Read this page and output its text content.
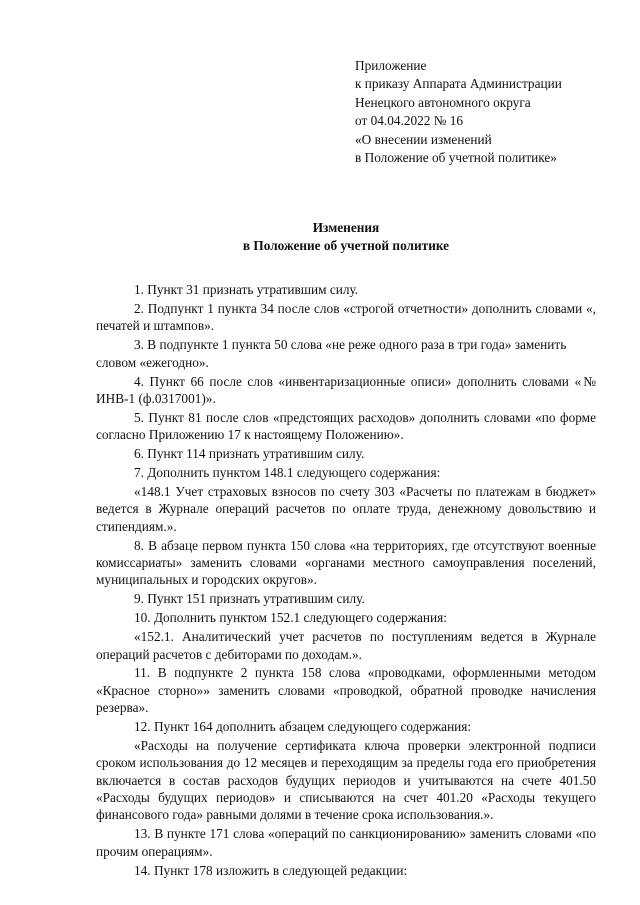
Приложение
к приказу Аппарата Администрации
Ненецкого автономного округа
от 04.04.2022 № 16
«О внесении изменений
в Положение об учетной политике»
Изменения
в Положение об учетной политике

1. Пункт 31 признать утратившим силу.

2. Подпункт 1 пункта 34 после слов «строгой отчетности» дополнить словами «, печатей и штампов».

3. В подпункте 1 пункта 50 слова «не реже одного раза в три года» заменить словом «ежегодно».

4. Пункт 66 после слов «инвентаризационные описи» дополнить словами «№ ИНВ-1 (ф.0317001)».

5. Пункт 81 после слов «предстоящих расходов» дополнить словами «по форме согласно Приложению 17 к настоящему Положению».

6. Пункт 114 признать утратившим силу.

7. Дополнить пунктом 148.1 следующего содержания:

«148.1 Учет страховых взносов по счету 303 «Расчеты по платежам в бюджет» ведется в Журнале операций расчетов по оплате труда, денежному довольствию и стипендиям.».

8. В абзаце первом пункта 150 слова «на территориях, где отсутствуют военные комиссариаты» заменить словами «органами местного самоуправления поселений, муниципальных и городских округов».

9. Пункт 151 признать утратившим силу.

10. Дополнить пунктом 152.1 следующего содержания:

«152.1. Аналитический учет расчетов по поступлениям ведется в Журнале операций расчетов с дебиторами по доходам.».

11. В подпункте 2 пункта 158 слова «проводками, оформленными методом «Красное сторно»» заменить словами «проводкой, обратной проводке начисления резерва».

12. Пункт 164 дополнить абзацем следующего содержания:

«Расходы на получение сертификата ключа проверки электронной подписи сроком использования до 12 месяцев и переходящим за пределы года его приобретения включается в состав расходов будущих периодов и учитываются на счете 401.50 «Расходы будущих периодов» и списываются на счет 401.20 «Расходы текущего финансового года» равными долями в течение срока использования.».

13. В пункте 171 слова «операций по санкционированию» заменить словами «по прочим операциям».

14. Пункт 178 изложить в следующей редакции:
